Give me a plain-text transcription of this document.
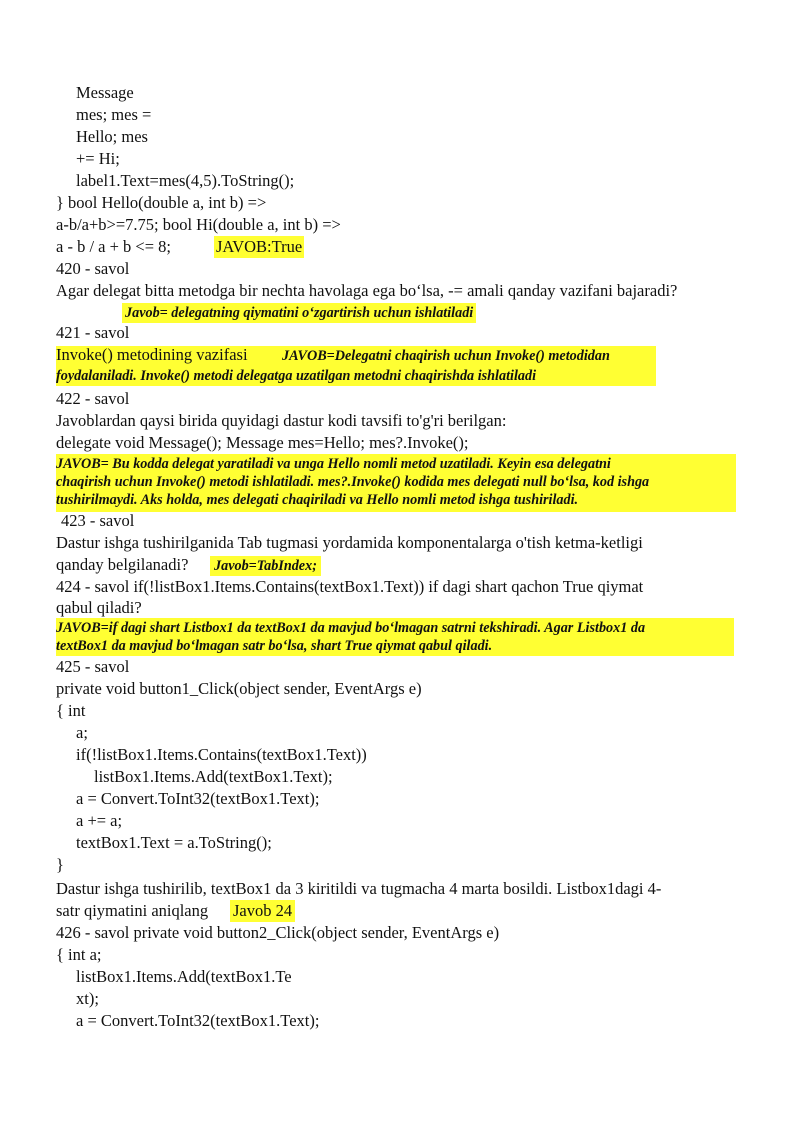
Message
mes; mes =
Hello; mes
+= Hi;
label1.Text=mes(4,5).ToString();
} bool Hello(double a, int b) =>
a-b/a+b>=7.75; bool Hi(double a, int b) =>
a - b / a + b <= 8;	JAVOB:True
420 - savol
Agar delegat bitta metodga bir nechta havolaga ega bo‘lsa, -= amali qanday vazifani bajaradi?
Javob= delegatning qiymatini o‘zgartirish uchun ishlatiladi
421 - savol
Invoke() metodining vazifasi JAVOB=Delegatni chaqirish uchun Invoke() metodidan
foydalaniladi. Invoke() metodi delegatga uzatilgan metodni chaqirishda ishlatiladi
422 - savol
Javoblardan qaysi birida quyidagi dastur kodi tavsifi to'g'ri berilgan:
delegate void Message(); Message mes=Hello; mes?.Invoke();
JAVOB= Bu kodda delegat yaratiladi va unga Hello nomli metod uzatiladi. Keyin esa delegatni
chaqirish uchun Invoke() metodi ishlatiladi. mes?.Invoke() kodida mes delegati null bo‘lsa, kod ishga
tushirilmaydi. Aks holda, mes delegati chaqiriladi va Hello nomli metod ishga tushiriladi.
423 - savol
Dastur ishga tushirilganida Tab tugmasi yordamida komponentalarga o'tish ketma-ketligi
qanday belgilanadi? Javob=TabIndex;
424 - savol if(!listBox1.Items.Contains(textBox1.Text)) if dagi shart qachon True qiymat
qabul qiladi?
JAVOB=if dagi shart Listbox1 da textBox1 da mavjud bo‘lmagan satrni tekshiradi. Agar Listbox1 da
textBox1 da mavjud bo‘lmagan satr bo‘lsa, shart True qiymat qabul qiladi.
425 - savol
private void button1_Click(object sender, EventArgs e)
{ int
a;
if(!listBox1.Items.Contains(textBox1.Text))
listBox1.Items.Add(textBox1.Text);
a = Convert.ToInt32(textBox1.Text);
a += a;
textBox1.Text = a.ToString();
}
Dastur ishga tushirilib, textBox1 da 3 kiritildi va tugmacha 4 marta bosildi. Listbox1dagi 4-
satr qiymatini aniqlang Javob 24
426 - savol private void button2_Click(object sender, EventArgs e)
{ int a;
listBox1.Items.Add(textBox1.Te
xt);
a = Convert.ToInt32(textBox1.Text);
